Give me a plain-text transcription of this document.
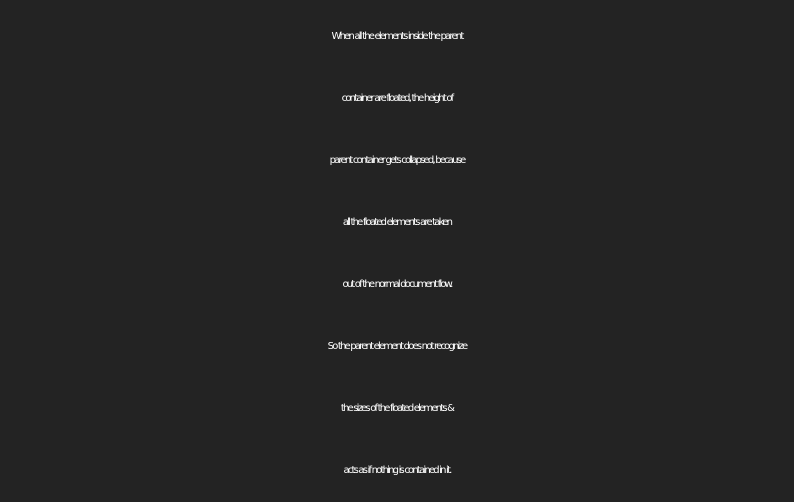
When all the elements inside the parent
container are floated, the height of
parent container gets collapsed, because
all the floated elements are taken
out of the normal document flow.
So the parent element does not recognize
the sizes of the floated elements &
acts as if nothing is contained in it.
